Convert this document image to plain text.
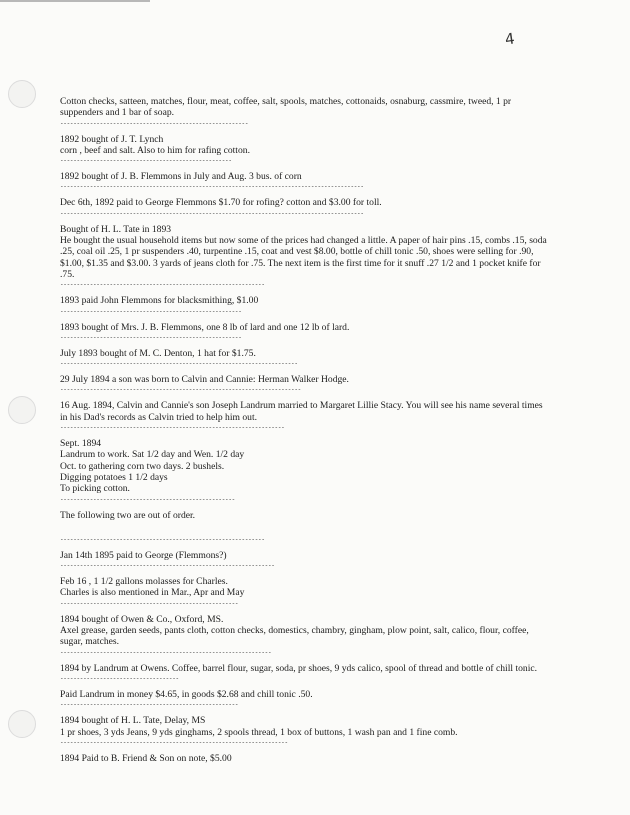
4
Cotton checks, satteen, matches, flour, meat, coffee, salt, spools, matches, cottonaids, osnaburg, cassmire, tweed, 1 pr suppenders and 1 bar of soap.
---------------------------------------------------------
1892 bought of J. T. Lynch
corn , beef and salt. Also to him for rafing cotton.
----------------------------------------------------
1892 bought of J. B. Flemmons in July and Aug. 3 bus. of corn
--------------------------------------------------------------------------------------------
Dec 6th, 1892 paid to George Flemmons $1.70 for rofing? cotton and $3.00 for toll.
--------------------------------------------------------------------------------------------
Bought of H. L. Tate in 1893
He bought the usual household items but now some of the prices had changed a little. A paper of hair pins .15, combs .15, soda .25, coal oil .25, 1 pr suspenders .40, turpentine .15, coat and vest $8.00, bottle of chill tonic .50, shoes were selling for .90, $1.00, $1.35 and $3.00. 3 yards of jeans cloth for .75. The next item is the first time for it snuff .27 1/2 and 1 pocket knife for .75.
--------------------------------------------------------------
1893 paid John Flemmons for blacksmithing, $1.00
-------------------------------------------------------
1893 bought of Mrs. J. B. Flemmons, one 8 lb of lard and one 12 lb of lard.
-------------------------------------------------------
July 1893 bought of M. C. Denton, 1 hat for $1.75.
------------------------------------------------------------------------
29 July 1894 a son was born to Calvin and Cannie: Herman Walker Hodge.
-------------------------------------------------------------------------
16 Aug. 1894, Calvin and Cannie's son Joseph Landrum married to Margaret Lillie Stacy. You will see his name several times in his Dad's records as Calvin tried to help him out.
--------------------------------------------------------------------
Sept. 1894
Landrum to work. Sat 1/2 day and Wen. 1/2 day
Oct. to gathering corn two days. 2 bushels.
Digging potatoes 1 1/2 days
To picking cotton.
-----------------------------------------------------
The following two are out of order.
--------------------------------------------------------------
Jan 14th 1895 paid to George (Flemmons?)
-----------------------------------------------------------------
Feb 16 , 1 1/2 gallons molasses for Charles.
Charles is also mentioned in Mar., Apr and May
------------------------------------------------------
1894 bought of Owen & Co., Oxford, MS.
Axel grease, garden seeds, pants cloth, cotton checks, domestics, chambry, gingham, plow point, salt, calico, flour, coffee, sugar, matches.
----------------------------------------------------------------
1894 by Landrum at Owens. Coffee, barrel flour, sugar, soda, pr shoes, 9 yds calico, spool of thread and bottle of chill tonic.
------------------------------------
Paid Landrum in money $4.65, in goods $2.68 and chill tonic .50.
------------------------------------------------------
1894 bought of H. L. Tate, Delay, MS
1 pr shoes, 3 yds Jeans, 9 yds ginghams, 2 spools thread, 1 box of buttons, 1 wash pan and 1 fine comb.
---------------------------------------------------------------------
1894 Paid to B. Friend & Son on note, $5.00
